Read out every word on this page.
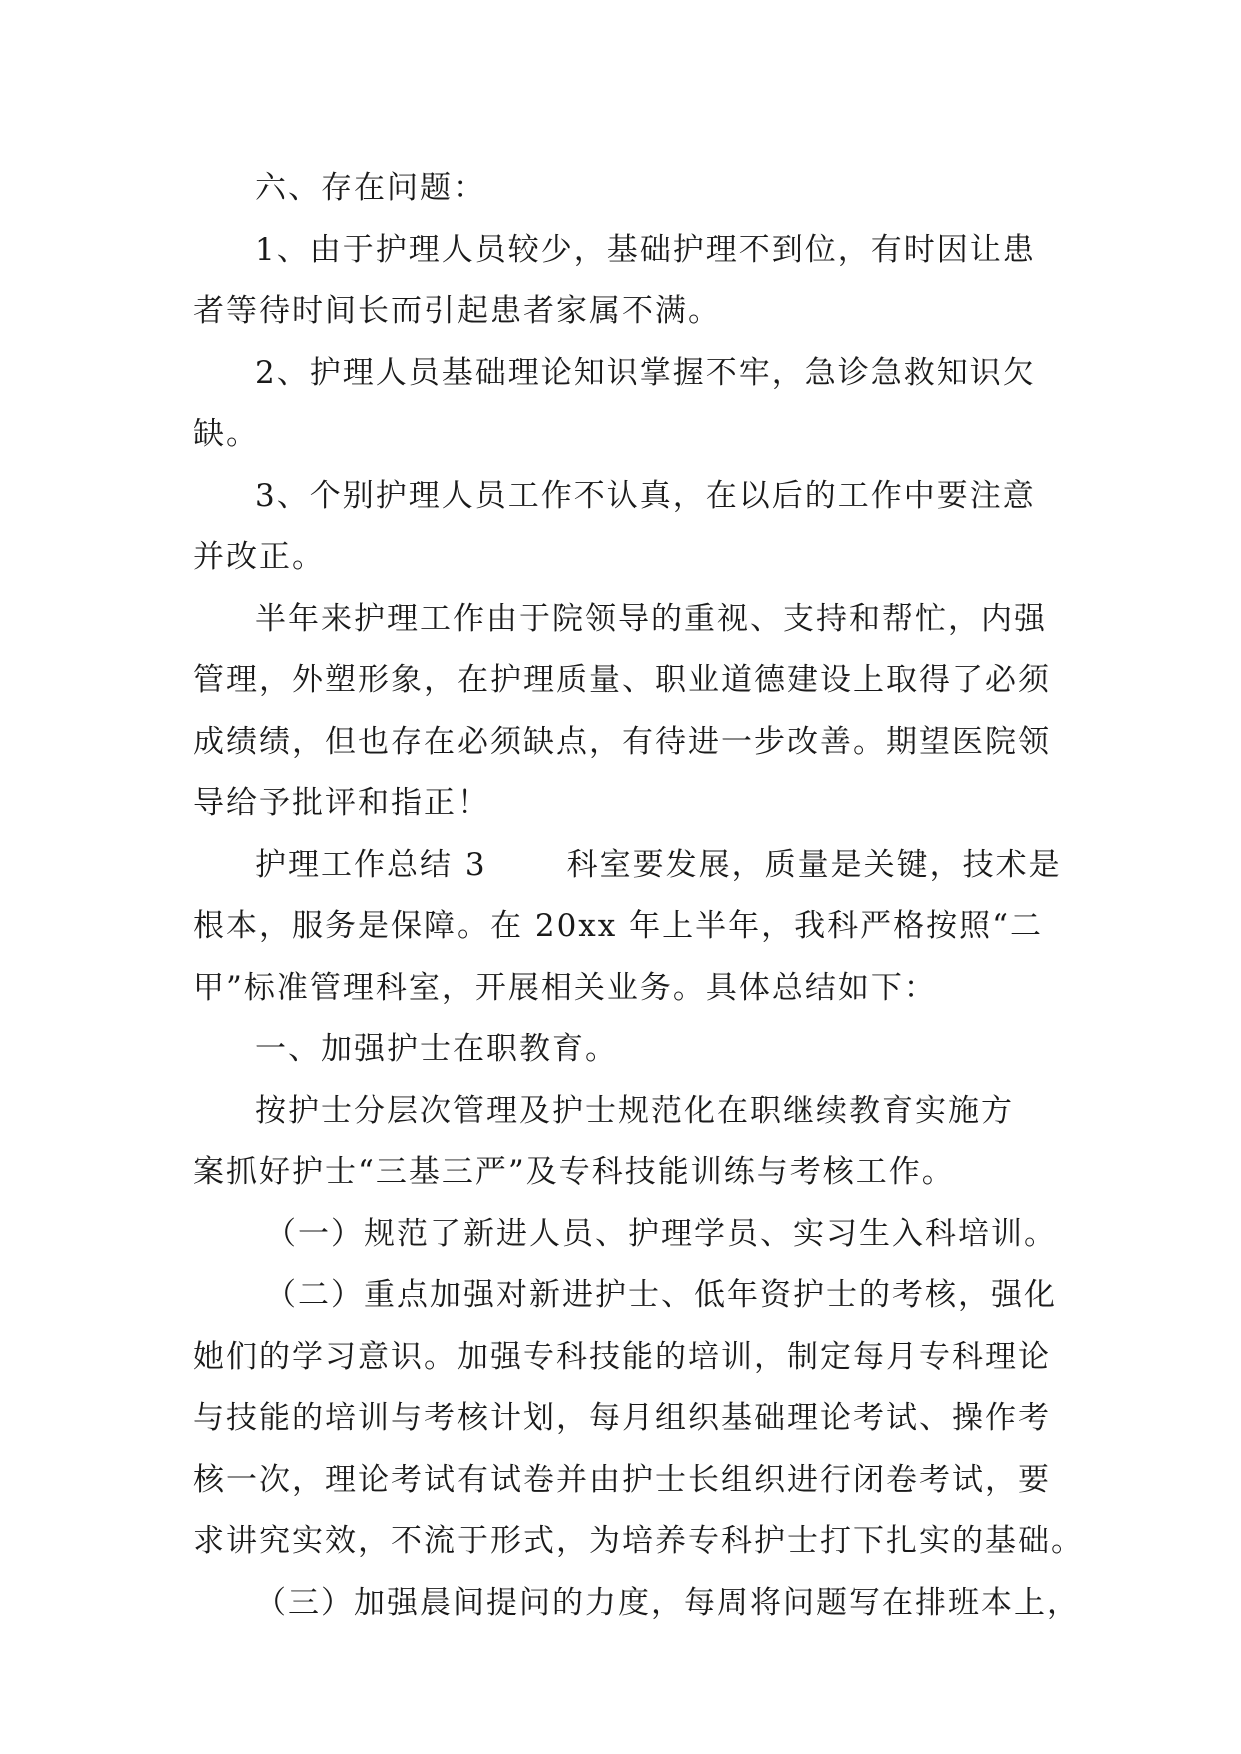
六、存在问题：
1、由于护理人员较少，基础护理不到位，有时因让患
者等待时间长而引起患者家属不满。
2、护理人员基础理论知识掌握不牢，急诊急救知识欠
缺。
3、个别护理人员工作不认真，在以后的工作中要注意
并改正。
半年来护理工作由于院领导的重视、支持和帮忙，内强
管理，外塑形象，在护理质量、职业道德建设上取得了必须
成绩绩，但也存在必须缺点，有待进一步改善。期望医院领
导给予批评和指正！
护理工作总结 3	科室要发展，质量是关键，技术是
根本，服务是保障。在 20xx 年上半年，我科严格按照“二
甲”标准管理科室，开展相关业务。具体总结如下：
一、加强护士在职教育。
按护士分层次管理及护士规范化在职继续教育实施方
案抓好护士“三基三严”及专科技能训练与考核工作。
（一）规范了新进人员、护理学员、实习生入科培训。
（二）重点加强对新进护士、低年资护士的考核，强化
她们的学习意识。加强专科技能的培训，制定每月专科理论
与技能的培训与考核计划，每月组织基础理论考试、操作考
核一次，理论考试有试卷并由护士长组织进行闭卷考试，要
求讲究实效，不流于形式，为培养专科护士打下扎实的基础。
（三）加强晨间提问的力度，每周将问题写在排班本上，
